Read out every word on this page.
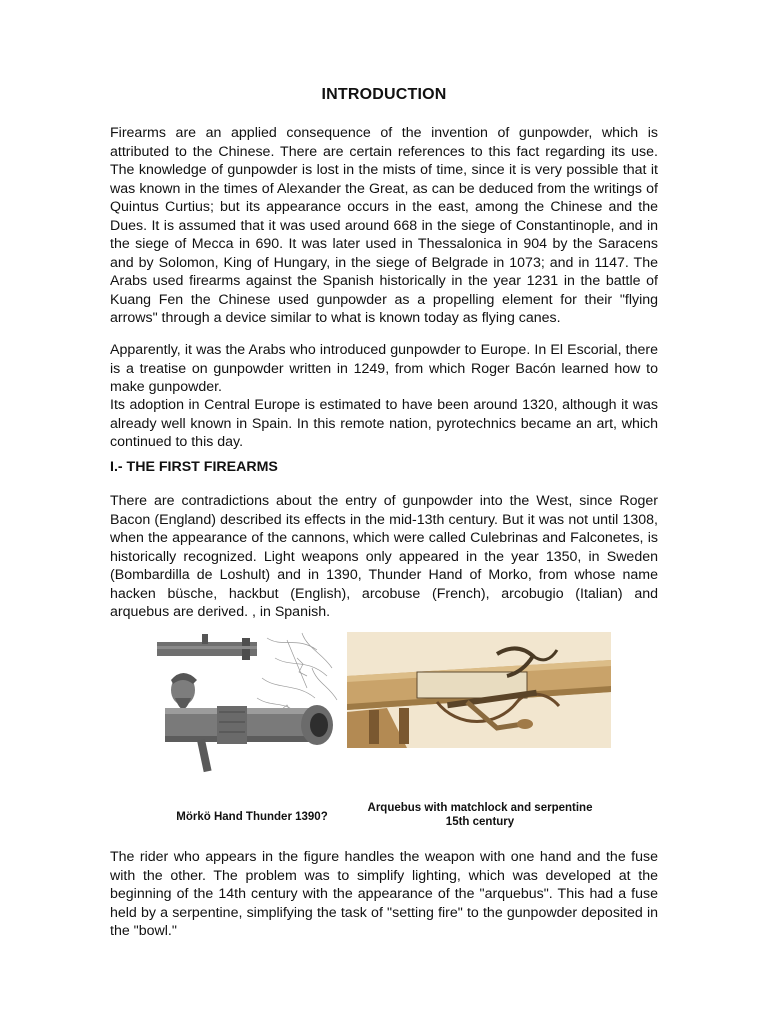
INTRODUCTION

Firearms are an applied consequence of the invention of gunpowder, which is attributed to the Chinese. There are certain references to this fact regarding its use. The knowledge of gunpowder is lost in the mists of time, since it is very possible that it was known in the times of Alexander the Great, as can be deduced from the writings of Quintus Curtius; but its appearance occurs in the east, among the Chinese and the Dues. It is assumed that it was used around 668 in the siege of Constantinople, and in the siege of Mecca in 690. It was later used in Thessalonica in 904 by the Saracens and by Solomon, King of Hungary, in the siege of Belgrade in 1073; and in 1147. The Arabs used firearms against the Spanish historically in the year 1231 in the battle of Kuang Fen the Chinese used gunpowder as a propelling element for their "flying arrows" through a device similar to what is known today as flying canes.

Apparently, it was the Arabs who introduced gunpowder to Europe. In El Escorial, there is a treatise on gunpowder written in 1249, from which Roger Bacón learned how to make gunpowder.

Its adoption in Central Europe is estimated to have been around 1320, although it was already well known in Spain. In this remote nation, pyrotechnics became an art, which continued to this day.

I.- THE FIRST FIREARMS

There are contradictions about the entry of gunpowder into the West, since Roger Bacon (England) described its effects in the mid-13th century. But it was not until 1308, when the appearance of the cannons, which were called Culebrinas and Falconetes, is historically recognized. Light weapons only appeared in the year 1350, in Sweden (Bombardilla de Loshult) and in 1390, Thunder Hand of Morko, from whose name hacken büsche, hackbut (English), arcobuse (French), arcobugio (Italian) and arquebus are derived. , in Spanish.

Mörkö Hand Thunder 1390?
Arquebus with matchlock and serpentine
15th century

The rider who appears in the figure handles the weapon with one hand and the fuse with the other. The problem was to simplify lighting, which was developed at the beginning of the 14th century with the appearance of the "arquebus". This had a fuse held by a serpentine, simplifying the task of "setting fire" to the gunpowder deposited in the "bowl."
